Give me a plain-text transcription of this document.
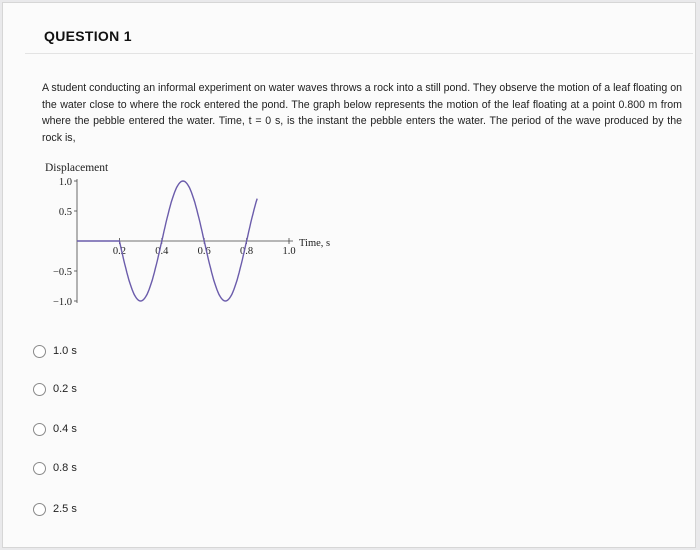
QUESTION 1
A student conducting an informal experiment on water waves throws a rock into a still pond. They observe the motion of a leaf floating on the water close to where the rock entered the pond. The graph below represents the motion of the leaf floating at a point 0.800 m from where the pebble entered the water. Time, t = 0 s, is the instant the pebble enters the water. The period of the wave produced by the rock is,
Displacement
Time, s
1.0
0.5
−0.5
−1.0
0.2	0.4	0.6	0.8	1.0
1.0 s
0.2 s
0.4 s
0.8 s
2.5 s
